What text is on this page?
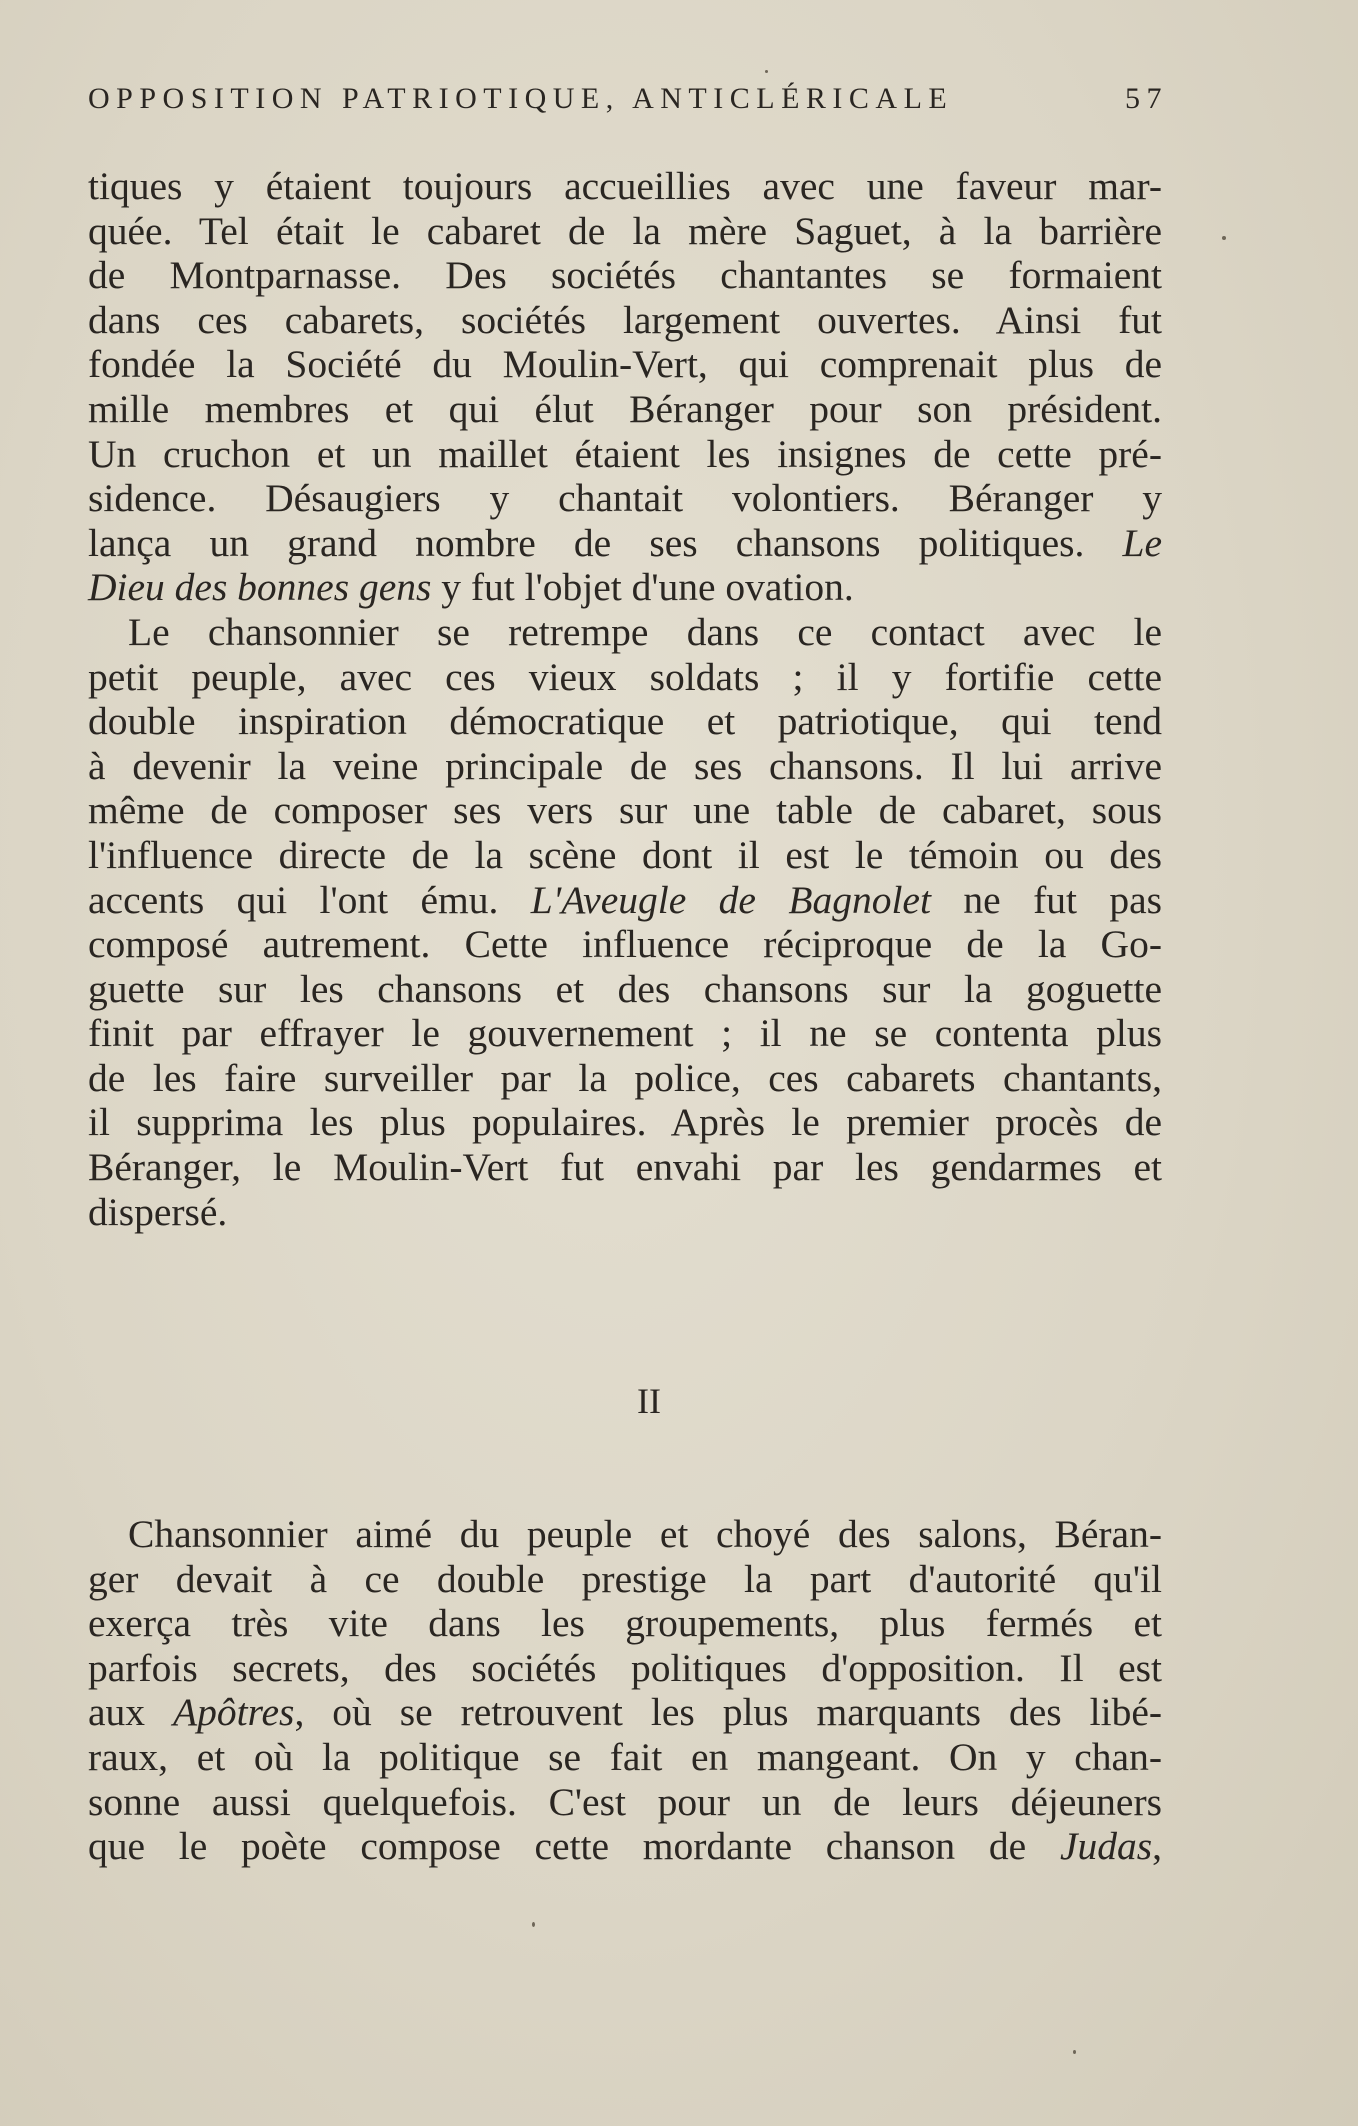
OPPOSITION PATRIOTIQUE, ANTICLÉRICALE	57
tiques y étaient toujours accueillies avec une faveur mar-
quée. Tel était le cabaret de la mère Saguet, à la barrière
de Montparnasse. Des sociétés chantantes se formaient
dans ces cabarets, sociétés largement ouvertes. Ainsi fut
fondée la Société du Moulin-Vert, qui comprenait plus de
mille membres et qui élut Béranger pour son président.
Un cruchon et un maillet étaient les insignes de cette pré-
sidence. Désaugiers y chantait volontiers. Béranger y
lança un grand nombre de ses chansons politiques. Le
Dieu des bonnes gens y fut l'objet d'une ovation.
Le chansonnier se retrempe dans ce contact avec le
petit peuple, avec ces vieux soldats ; il y fortifie cette
double inspiration démocratique et patriotique, qui tend
à devenir la veine principale de ses chansons. Il lui arrive
même de composer ses vers sur une table de cabaret, sous
l'influence directe de la scène dont il est le témoin ou des
accents qui l'ont ému. L'Aveugle de Bagnolet ne fut pas
composé autrement. Cette influence réciproque de la Go-
guette sur les chansons et des chansons sur la goguette
finit par effrayer le gouvernement ; il ne se contenta plus
de les faire surveiller par la police, ces cabarets chantants,
il supprima les plus populaires. Après le premier procès de
Béranger, le Moulin-Vert fut envahi par les gendarmes et
dispersé.
II
Chansonnier aimé du peuple et choyé des salons, Béran-
ger devait à ce double prestige la part d'autorité qu'il
exerça très vite dans les groupements, plus fermés et
parfois secrets, des sociétés politiques d'opposition. Il est
aux Apôtres, où se retrouvent les plus marquants des libé-
raux, et où la politique se fait en mangeant. On y chan-
sonne aussi quelquefois. C'est pour un de leurs déjeuners
que le poète compose cette mordante chanson de Judas,
